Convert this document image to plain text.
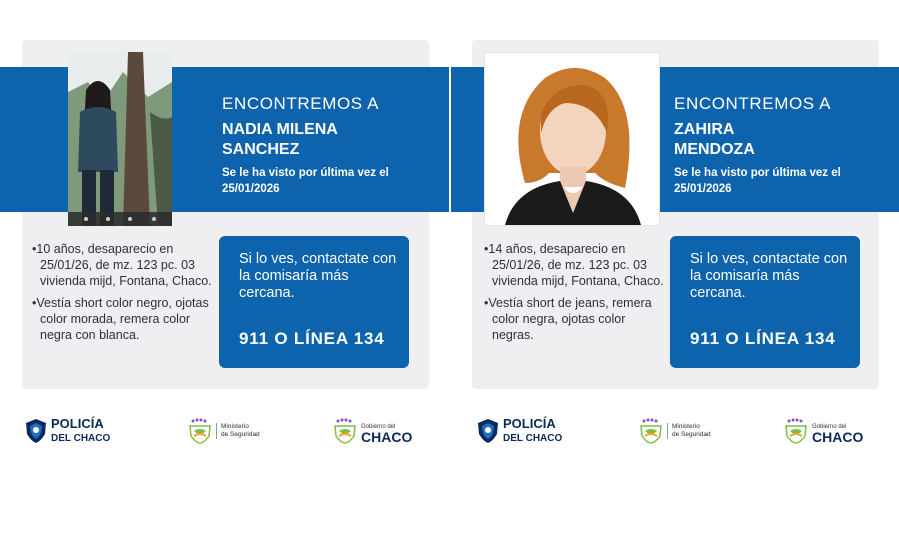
ENCONTREMOS A
NADIA MILENA
SANCHEZ
Se le ha visto por última vez el
25/01/2026
ENCONTREMOS A
ZAHIRA
MENDOZA
Se le ha visto por última vez el
25/01/2026

•10 años, desaparecio en 25/01/26, de mz. 123 pc. 03 vivienda mijd, Fontana, Chaco.

•Vestía short color negro, ojotas color morada, remera color negra con blanca.

•14 años, desaparecio en 25/01/26, de mz. 123 pc. 03 vivienda mijd, Fontana, Chaco.

•Vestía short de jeans, remera color negra, ojotas color negras.

Si lo ves, contactate con la comisaría más cercana.
911 O LÍNEA 134
Si lo ves, contactate con la comisaría más cercana.
911 O LÍNEA 134
POLICÍA
DEL CHACO
Ministerio
de Seguridad
Gobierno del
CHACO
POLICÍA
DEL CHACO
Ministerio
de Seguridad
Gobierno del
CHACO
